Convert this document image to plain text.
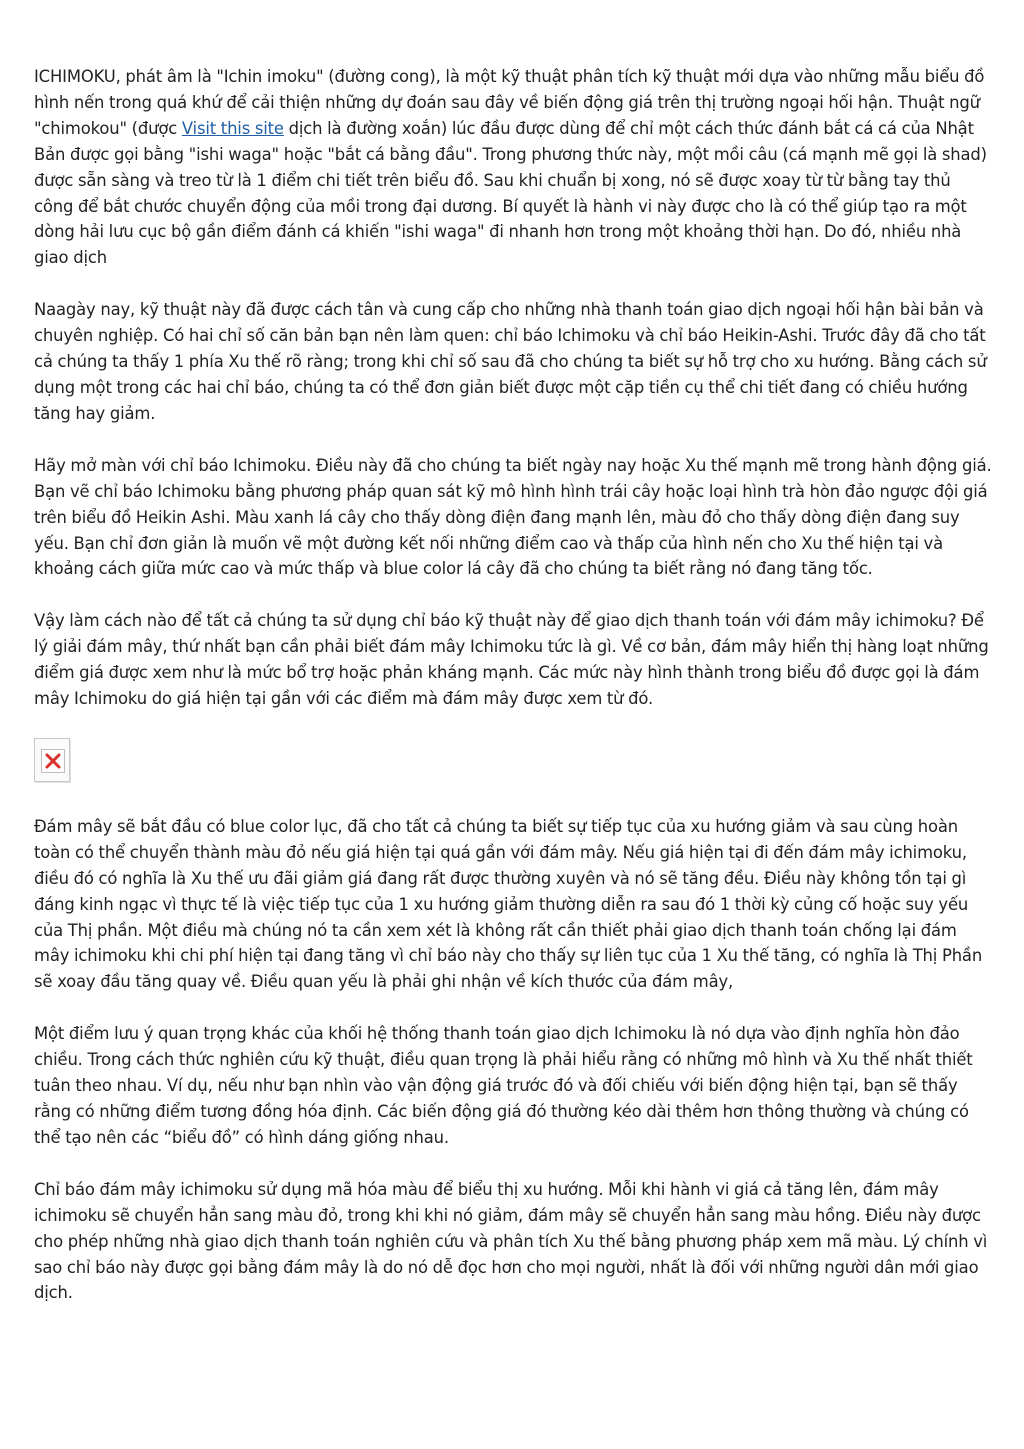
ICHIMOKU, phát âm là "Ichin imoku" (đường cong), là một kỹ thuật phân tích kỹ thuật mới dựa vào những mẫu biểu đồ hình nến trong quá khứ để cải thiện những dự đoán sau đây về biến động giá trên thị trường ngoại hối hận. Thuật ngữ "chimokou" (được Visit this site dịch là đường xoắn) lúc đầu được dùng để chỉ một cách thức đánh bắt cá cá của Nhật Bản được gọi bằng "ishi waga" hoặc "bắt cá bằng đầu". Trong phương thức này, một mồi câu (cá mạnh mẽ gọi là shad) được sẵn sàng và treo từ là 1 điểm chi tiết trên biểu đồ. Sau khi chuẩn bị xong, nó sẽ được xoay từ từ bằng tay thủ công để bắt chước chuyển động của mồi trong đại dương. Bí quyết là hành vi này được cho là có thể giúp tạo ra một dòng hải lưu cục bộ gần điểm đánh cá khiến "ishi waga" đi nhanh hơn trong một khoảng thời hạn. Do đó, nhiều nhà giao dịch

Naagày nay, kỹ thuật này đã được cách tân và cung cấp cho những nhà thanh toán giao dịch ngoại hối hận bài bản và chuyên nghiệp. Có hai chỉ số căn bản bạn nên làm quen: chỉ báo Ichimoku và chỉ báo Heikin-Ashi. Trước đây đã cho tất cả chúng ta thấy 1 phía Xu thế rõ ràng; trong khi chỉ số sau đã cho chúng ta biết sự hỗ trợ cho xu hướng. Bằng cách sử dụng một trong các hai chỉ báo, chúng ta có thể đơn giản biết được một cặp tiền cụ thể chi tiết đang có chiều hướng tăng hay giảm.

Hãy mở màn với chỉ báo Ichimoku. Điều này đã cho chúng ta biết ngày nay hoặc Xu thế mạnh mẽ trong hành động giá. Bạn vẽ chỉ báo Ichimoku bằng phương pháp quan sát kỹ mô hình hình trái cây hoặc loại hình trà hòn đảo ngược đội giá trên biểu đồ Heikin Ashi. Màu xanh lá cây cho thấy dòng điện đang mạnh lên, màu đỏ cho thấy dòng điện đang suy yếu. Bạn chỉ đơn giản là muốn vẽ một đường kết nối những điểm cao và thấp của hình nến cho Xu thế hiện tại và khoảng cách giữa mức cao và mức thấp và blue color lá cây đã cho chúng ta biết rằng nó đang tăng tốc.

Vậy làm cách nào để tất cả chúng ta sử dụng chỉ báo kỹ thuật này để giao dịch thanh toán với đám mây ichimoku? Để lý giải đám mây, thứ nhất bạn cần phải biết đám mây Ichimoku tức là gì. Về cơ bản, đám mây hiển thị hàng loạt những điểm giá được xem như là mức bổ trợ hoặc phản kháng mạnh. Các mức này hình thành trong biểu đồ được gọi là đám mây Ichimoku do giá hiện tại gần với các điểm mà đám mây được xem từ đó.

Đám mây sẽ bắt đầu có blue color lục, đã cho tất cả chúng ta biết sự tiếp tục của xu hướng giảm và sau cùng hoàn toàn có thể chuyển thành màu đỏ nếu giá hiện tại quá gần với đám mây. Nếu giá hiện tại đi đến đám mây ichimoku, điều đó có nghĩa là Xu thế ưu đãi giảm giá đang rất được thường xuyên và nó sẽ tăng đều. Điều này không tồn tại gì đáng kinh ngạc vì thực tế là việc tiếp tục của 1 xu hướng giảm thường diễn ra sau đó 1 thời kỳ củng cố hoặc suy yếu của Thị phần. Một điều mà chúng nó ta cần xem xét là không rất cần thiết phải giao dịch thanh toán chống lại đám mây ichimoku khi chi phí hiện tại đang tăng vì chỉ báo này cho thấy sự liên tục của 1 Xu thế tăng, có nghĩa là Thị Phần sẽ xoay đầu tăng quay về. Điều quan yếu là phải ghi nhận về kích thước của đám mây,

Một điểm lưu ý quan trọng khác của khối hệ thống thanh toán giao dịch Ichimoku là nó dựa vào định nghĩa hòn đảo chiều. Trong cách thức nghiên cứu kỹ thuật, điều quan trọng là phải hiểu rằng có những mô hình và Xu thế nhất thiết tuân theo nhau. Ví dụ, nếu như bạn nhìn vào vận động giá trước đó và đối chiếu với biến động hiện tại, bạn sẽ thấy rằng có những điểm tương đồng hóa định. Các biến động giá đó thường kéo dài thêm hơn thông thường và chúng có thể tạo nên các “biểu đồ” có hình dáng giống nhau.

Chỉ báo đám mây ichimoku sử dụng mã hóa màu để biểu thị xu hướng. Mỗi khi hành vi giá cả tăng lên, đám mây ichimoku sẽ chuyển hẳn sang màu đỏ, trong khi khi nó giảm, đám mây sẽ chuyển hẳn sang màu hồng. Điều này được cho phép những nhà giao dịch thanh toán nghiên cứu và phân tích Xu thế bằng phương pháp xem mã màu. Lý chính vì sao chỉ báo này được gọi bằng đám mây là do nó dễ đọc hơn cho mọi người, nhất là đối với những người dân mới giao dịch.
